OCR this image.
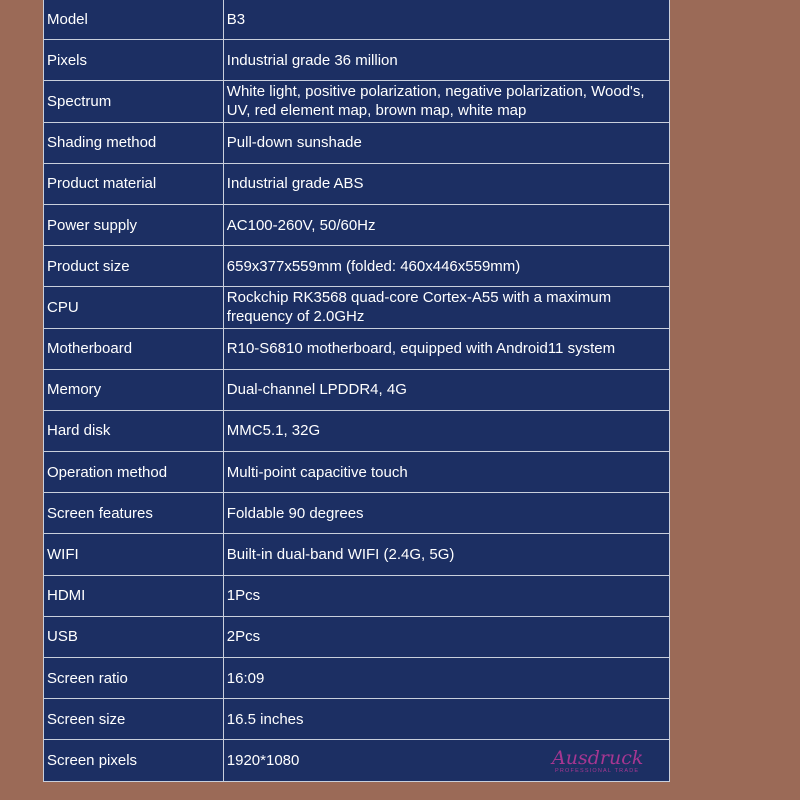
Model	B3
Pixels	Industrial grade 36 million
Spectrum	White light, positive polarization, negative polarization, Wood's, UV, red element map, brown map, white map
Shading method	Pull-down sunshade
Product material	Industrial grade ABS
Power supply	AC100-260V, 50/60Hz
Product size	659x377x559mm (folded: 460x446x559mm)
CPU	Rockchip RK3568 quad-core Cortex-A55 with a maximum frequency of 2.0GHz
Motherboard	R10-S6810 motherboard, equipped with Android11 system
Memory	Dual-channel LPDDR4, 4G
Hard disk	MMC5.1, 32G
Operation method	Multi-point capacitive touch
Screen features	Foldable 90 degrees
WIFI	Built-in dual-band WIFI (2.4G, 5G)
HDMI	1Pcs
USB	2Pcs
Screen ratio	16:09
Screen size	16.5 inches
Screen pixels	1920*1080	Ausdruck
PROFESSIONAL TRADE
